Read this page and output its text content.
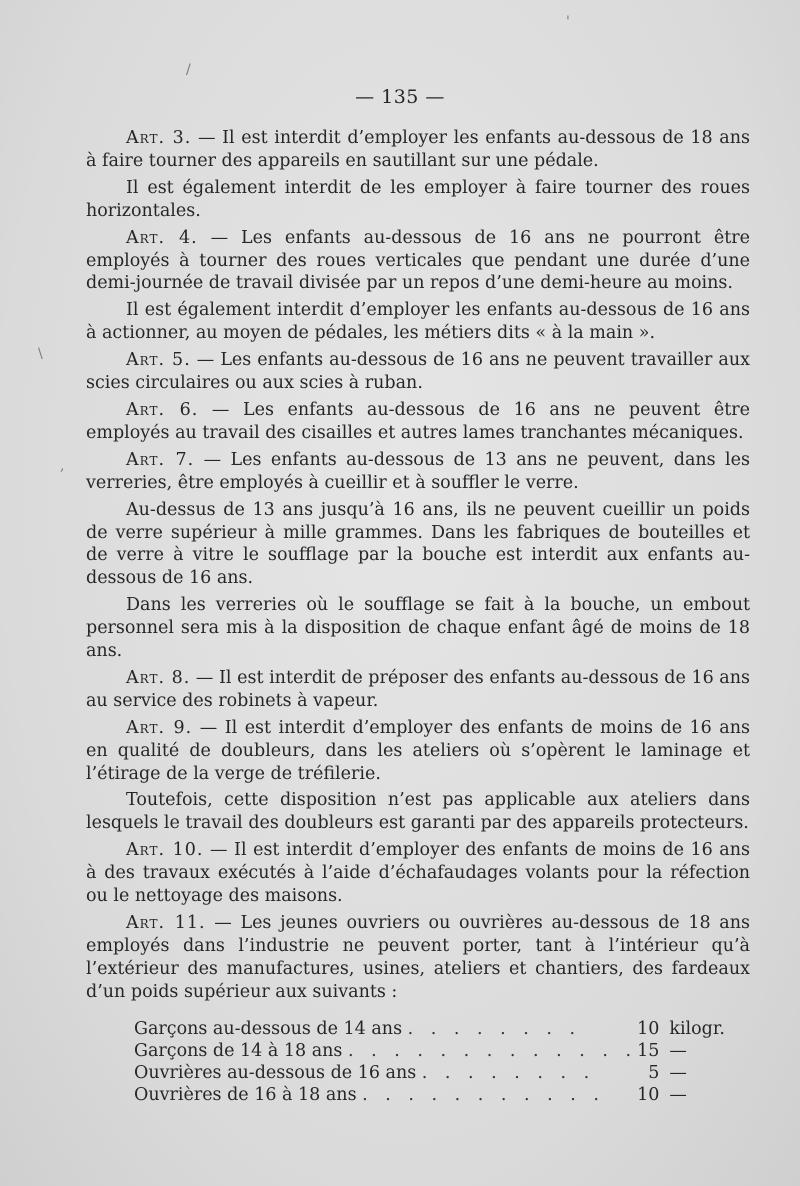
— 135 —

Art. 3. — Il est interdit d’employer les enfants au-dessous de 18 ans à faire tourner des appareils en sautillant sur une pédale.

Il est également interdit de les employer à faire tourner des roues horizontales.

Art. 4. — Les enfants au-dessous de 16 ans ne pourront être employés à tourner des roues verticales que pendant une durée d’une demi-journée de travail divisée par un repos d’une demi-heure au moins.

Il est également interdit d’employer les enfants au-dessous de 16 ans à actionner, au moyen de pédales, les métiers dits « à la main ».

Art. 5. — Les enfants au-dessous de 16 ans ne peuvent travailler aux scies circulaires ou aux scies à ruban.

Art. 6. — Les enfants au-dessous de 16 ans ne peuvent être employés au travail des cisailles et autres lames tranchantes mécaniques.

Art. 7. — Les enfants au-dessous de 13 ans ne peuvent, dans les verreries, être employés à cueillir et à souffler le verre.

Au-dessus de 13 ans jusqu’à 16 ans, ils ne peuvent cueillir un poids de verre supérieur à mille grammes. Dans les fabriques de bouteilles et de verre à vitre le soufflage par la bouche est interdit aux enfants au-dessous de 16 ans.

Dans les verreries où le soufflage se fait à la bouche, un embout personnel sera mis à la disposition de chaque enfant âgé de moins de 18 ans.

Art. 8. — Il est interdit de préposer des enfants au-dessous de 16 ans au service des robinets à vapeur.

Art. 9. — Il est interdit d’employer des enfants de moins de 16 ans en qualité de doubleurs, dans les ateliers où s’opèrent le laminage et l’étirage de la verge de tréfilerie.

Toutefois, cette disposition n’est pas applicable aux ateliers dans lesquels le travail des doubleurs est garanti par des appareils protecteurs.

Art. 10. — Il est interdit d’employer des enfants de moins de 16 ans à des travaux exécutés à l’aide d’échafaudages volants pour la réfection ou le nettoyage des maisons.

Art. 11. — Les jeunes ouvriers ou ouvrières au-dessous de 18 ans employés dans l’industrie ne peuvent porter, tant à l’intérieur qu’à l’extérieur des manufactures, usines, ateliers et chantiers, des fardeaux d’un poids supérieur aux suivants :

Garçons au-dessous de 14 ans . . . . . . . .	10	kilogr.
Garçons de 14 à 18 ans . . . . . . . . . . . . .	15	—
Ouvrières au-dessous de 16 ans . . . . . . . .	5	—
Ouvrières de 16 à 18 ans . . . . . . . . . . .	10	—
'
/
\
,
